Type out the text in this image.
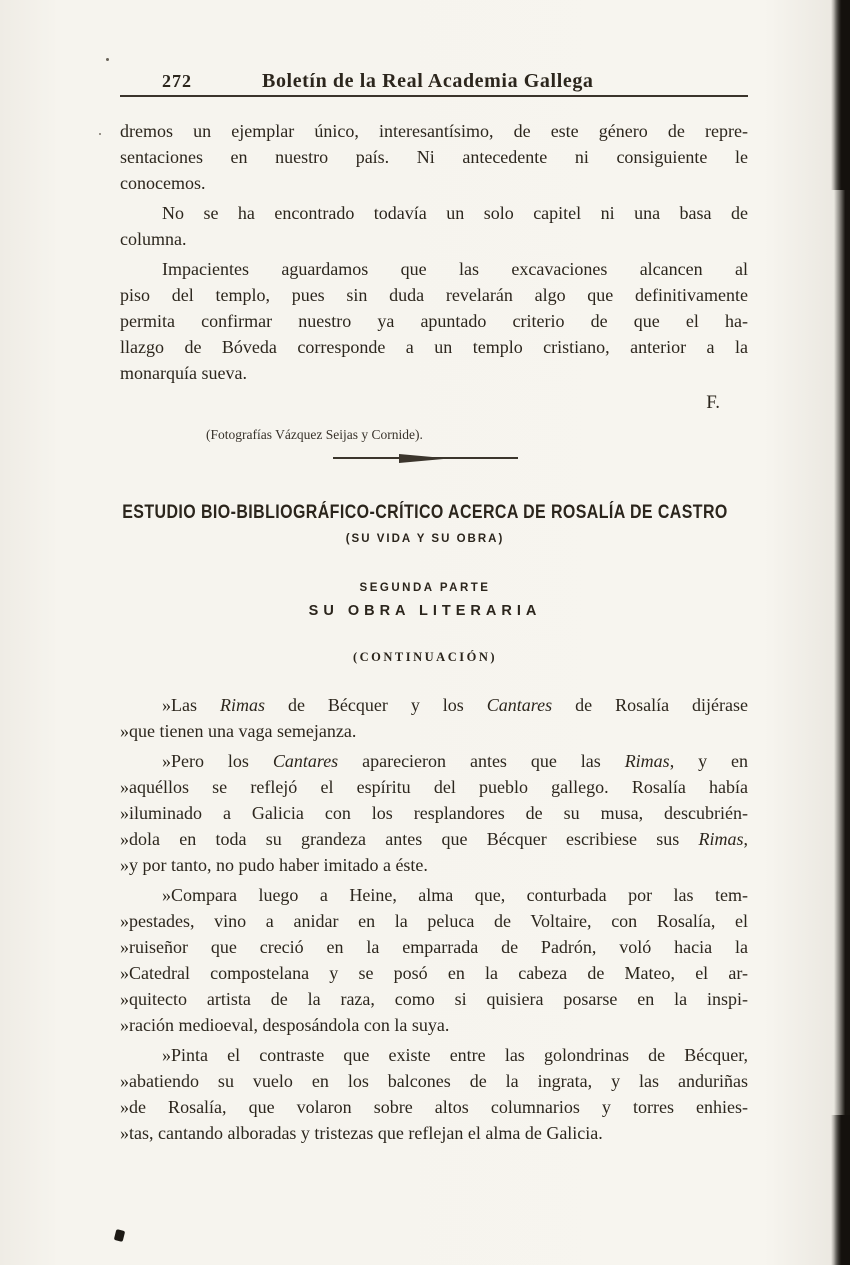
272	Boletín de la Real Academia Gallega
dremos un ejemplar único, interesantísimo, de este género de repre-
sentaciones en nuestro país. Ni antecedente ni consiguiente le
conocemos.
No se ha encontrado todavía un solo capitel ni una basa de
columna.
Impacientes aguardamos que las excavaciones alcancen al
piso del templo, pues sin duda revelarán algo que definitivamente
permita confirmar nuestro ya apuntado criterio de que el ha-
llazgo de Bóveda corresponde a un templo cristiano, anterior a la
monarquía sueva.
F.
(Fotografías Vázquez Seijas y Cornide).
ESTUDIO BIO-BIBLIOGRÁFICO-CRÍTICO ACERCA DE ROSALÍA DE CASTRO
(SU VIDA Y SU OBRA)
SEGUNDA PARTE
SU OBRA LITERARIA
(CONTINUACIÓN)
»Las Rimas de Bécquer y los Cantares de Rosalía dijérase
»que tienen una vaga semejanza.
»Pero los Cantares aparecieron antes que las Rimas, y en
»aquéllos se reflejó el espíritu del pueblo gallego. Rosalía había
»iluminado a Galicia con los resplandores de su musa, descubrién-
»dola en toda su grandeza antes que Bécquer escribiese sus Rimas,
»y por tanto, no pudo haber imitado a éste.
»Compara luego a Heine, alma que, conturbada por las tem-
»pestades, vino a anidar en la peluca de Voltaire, con Rosalía, el
»ruiseñor que creció en la emparrada de Padrón, voló hacia la
»Catedral compostelana y se posó en la cabeza de Mateo, el ar-
»quitecto artista de la raza, como si quisiera posarse en la inspi-
»ración medioeval, desposándola con la suya.
»Pinta el contraste que existe entre las golondrinas de Bécquer,
»abatiendo su vuelo en los balcones de la ingrata, y las anduriñas
»de Rosalía, que volaron sobre altos columnarios y torres enhies-
»tas, cantando alboradas y tristezas que reflejan el alma de Galicia.
